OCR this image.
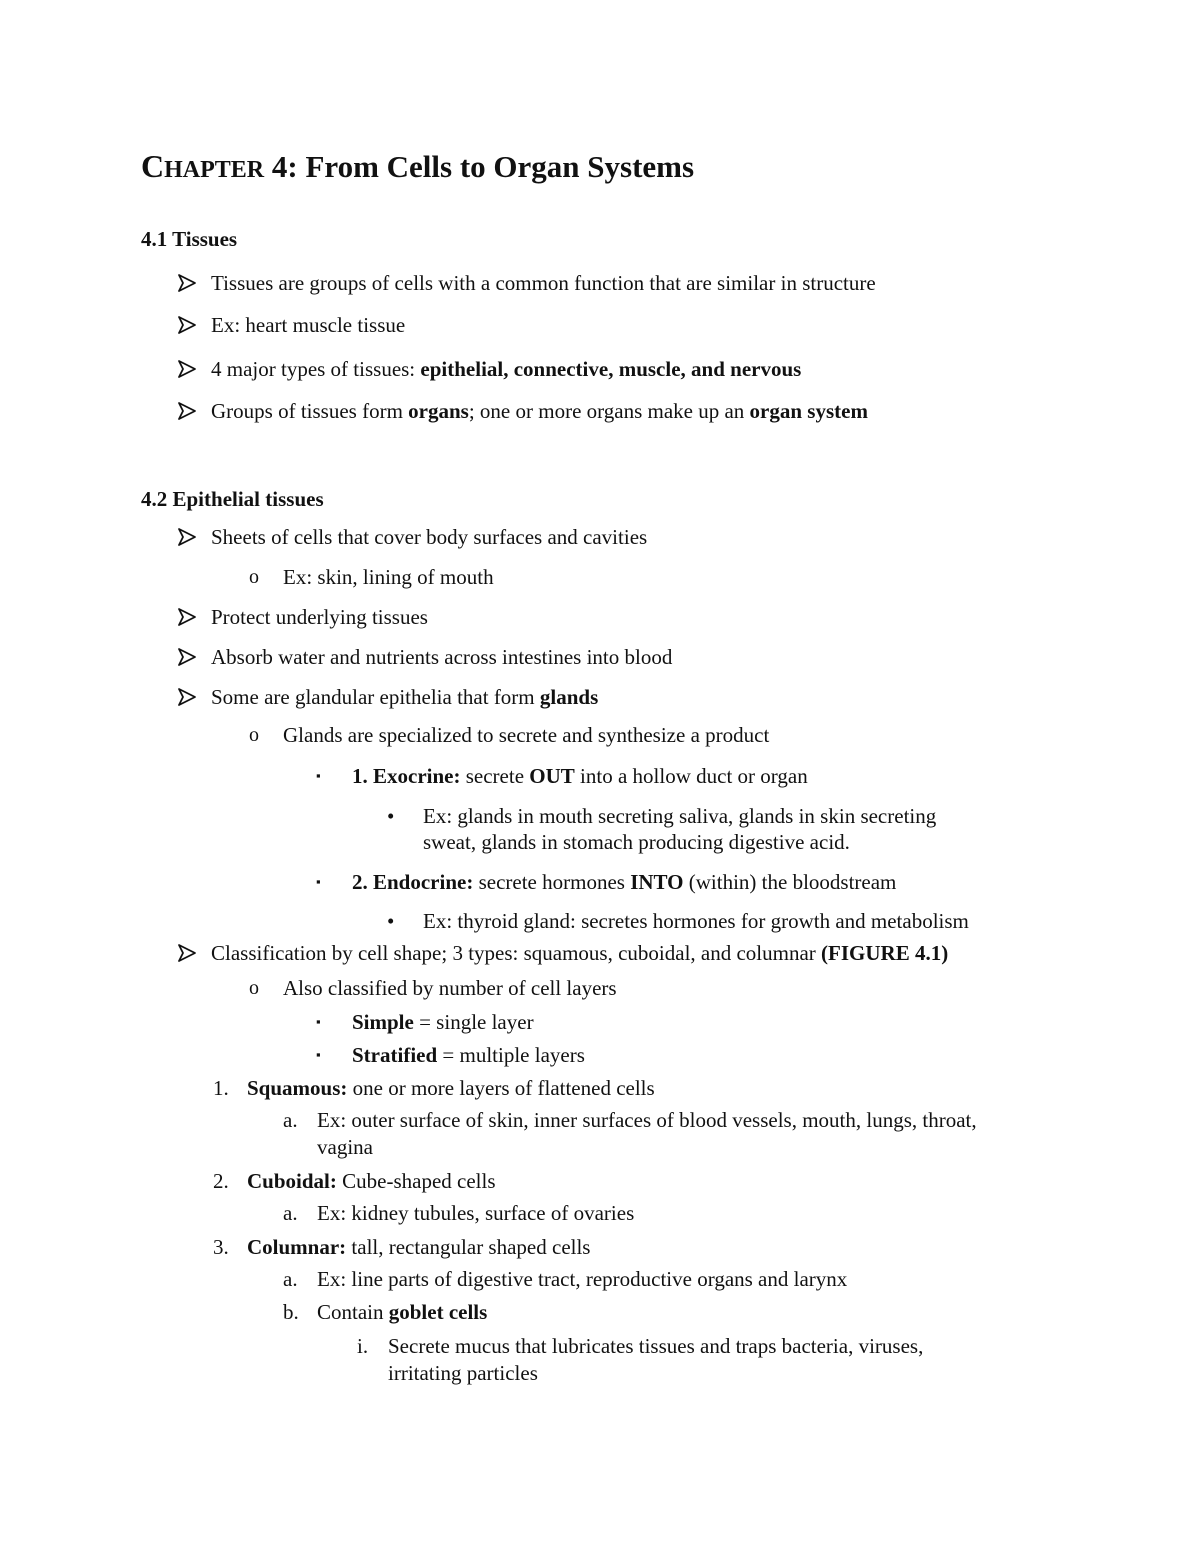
CHAPTER 4: From Cells to Organ Systems
4.1 Tissues
Tissues are groups of cells with a common function that are similar in structure
Ex: heart muscle tissue
4 major types of tissues: epithelial, connective, muscle, and nervous
Groups of tissues form organs; one or more organs make up an organ system
4.2 Epithelial tissues
Sheets of cells that cover body surfaces and cavities
o Ex: skin, lining of mouth
Protect underlying tissues
Absorb water and nutrients across intestines into blood
Some are glandular epithelia that form glands
o Glands are specialized to secrete and synthesize a product
▪ 1. Exocrine: secrete OUT into a hollow duct or organ
• Ex: glands in mouth secreting saliva, glands in skin secreting
sweat, glands in stomach producing digestive acid.
▪ 2. Endocrine: secrete hormones INTO (within) the bloodstream
• Ex: thyroid gland: secretes hormones for growth and metabolism
Classification by cell shape; 3 types: squamous, cuboidal, and columnar (FIGURE 4.1)
o Also classified by number of cell layers
▪ Simple = single layer
▪ Stratified = multiple layers
1. Squamous: one or more layers of flattened cells
a. Ex: outer surface of skin, inner surfaces of blood vessels, mouth, lungs, throat,
vagina
2. Cuboidal: Cube-shaped cells
a. Ex: kidney tubules, surface of ovaries
3. Columnar: tall, rectangular shaped cells
a. Ex: line parts of digestive tract, reproductive organs and larynx
b. Contain goblet cells
i. Secrete mucus that lubricates tissues and traps bacteria, viruses,
irritating particles
